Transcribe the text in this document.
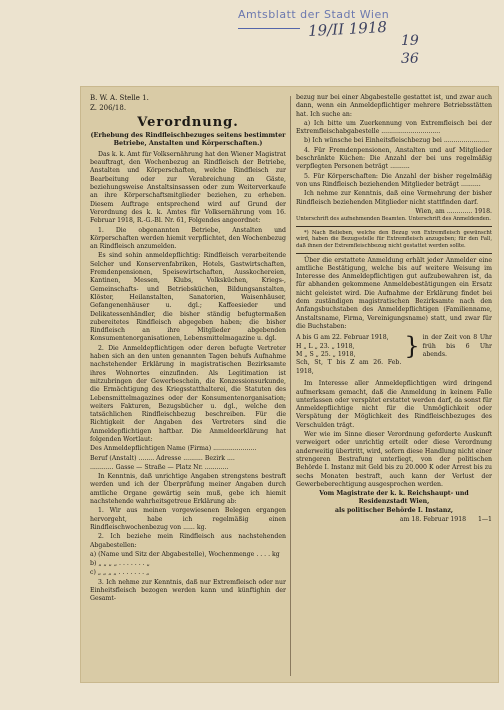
Amtsblatt der Stadt Wien
19/II 1918
19
36
B. W. A. Stelle 1.
Z. 206/18.
Verordnung.
(Erhebung des Rindfleischbezuges seitens bestimmter Betriebe, Anstalten und Körperschaften.)

Das k. k. Amt für Volksernährung hat den Wiener Magistrat beauftragt, den Wochenbezug an Rindfleisch der Betriebe, Anstalten und Körperschaften, welche Rindfleisch zur Bearbeitung oder zur Verabreichung an Gäste, beziehungsweise Anstaltsinsassen oder zum Weiterverkaufe an ihre Körperschaftsmitglieder beziehen, zu erheben. Diesem Auftrage entsprechend wird auf Grund der Verordnung des k. k. Amtes für Volksernährung vom 16. Februar 1918, R.-G.-Bl. Nr. 61, Folgendes angeordnet:

1. Die obgenannten Betriebe, Anstalten und Körperschaften werden hiemit verpflichtet, den Wochenbezug an Rindfleisch anzumelden.

Es sind sohin anmeldepflichtig: Rindfleisch verarbeitende Selcher und Konservenfabriken, Hotels, Gastwirtschaften, Fremdenpensionen, Speisewirtschaften, Ausskochereien, Kantinen, Messen, Klubs, Volksküchen, Kriegs-, Gemeinschafts- und Betriebsküchen, Bildungsanstalten, Klöster, Heilanstalten, Sanatorien, Waisenhäuser, Gefangenenhäuser u. dgl.; Kaffeesieder und Delikatessenhändler, die bisher ständig befugtermaßen zubereitetes Rindfleisch abgegeben haben; die bisher Rindfleisch an ihre Mitglieder abgebenden Konsumentenorganisationen, Lebensmittelmagazine u. dgl.

2. Die Anmeldepflichtigen oder deren befugte Vertreter haben sich an den unten genannten Tagen behufs Aufnahme nachstehender Erklärung in magistratischen Bezirksamte ihres Wohnortes einzufinden. Als Legitimation ist mitzubringen der Gewerbeschein, die Konzessionsurkunde, die Ermächtigung des Kriegsstatthalterei, die Statuten des Lebensmittelmagazines oder der Konsumentenorganisation; weiters Fakturen, Bezugsbücher u. dgl., welche den tatsächlichen Rindfleischbezug beschreiben. Für die Richtigkeit der Angaben des Vertreters sind die Anmeldepflichtigen haftbar. Die Anmeldeerklärung hat folgenden Wortlaut:

Des Anmeldepflichtigen Name (Firma) ......................
Beruf (Anstalt) ........ Adresse .......... Bezirk ....
............ Gasse — Straße — Platz Nr. ............

In Kenntnis, daß unrichtige Angaben strengstens bestraft werden und ich der Überprüfung meiner Angaben durch amtliche Organe gewärtig sein muß, gebe ich hiemit nachstehende wahrheitsgetreue Erklärung ab:

1. Wir aus meinen vorgewiesenen Belegen ergangen hervorgeht, habe ich regelmäßig einen Rindfleischwochenbezug von ...... kg.

2. Ich beziehe mein Rindfleisch aus nachstehenden Abgabestellen:

a) (Name und Sitz der Abgabestelle), Wochenmenge . . . . kg
b) „ „ „ „ . . . . . . . „
c) „ „ „ „ . . . . . . . „

3. Ich nehme zur Kenntnis, daß nur Extremfleisch oder nur Einheitsfleisch bezogen werden kann und künftighin der Gesamt-

bezug nur bei einer Abgabestelle gestattet ist, und zwar auch dann, wenn ein Anmeldepflichtiger mehrere Betriebsstätten hat. Ich suche an:

a) Ich bitte um Zuerkennung von Extremfleisch bei der Extremfleischabgabestelle ..............................

b) Ich wünsche bei Einheitsfleischbezug bei .......................

4. Für Fremdenpensionen, Anstalten und auf Mitglieder beschränkte Küchen: Die Anzahl der bei uns regelmäßig verpflegten Personen beträgt ..........

5. Für Körperschaften: Die Anzahl der bisher regelmäßig von uns Rindfleisch beziehenden Mitglieder beträgt ..........

Ich nehme zur Kenntnis, daß eine Vermehrung der bisher Rindfleisch beziehenden Mitglieder nicht stattfinden darf.

Wien, am ............. 1918.
Unterschrift des aufnehmenden Beamten. Unterschrift des Anmeldenden.

*) Nach Belieben, welche den Bezug von Extremfleisch gewünscht wird, haben die Bezugsstelle für Extremfleisch anzugeben; für den Fall, daß ihnen der Extremfleischbezug nicht gestattet werden sollte.

Über die erstattete Anmeldung erhält jeder Anmelder eine amtliche Bestätigung, welche bis auf weitere Weisung im Interesse des Anmeldepflichtigen gut aufzubewahren ist, da für abhanden gekommene Anmeldebestätigungen ein Ersatz nicht geleistet wird. Die Aufnahme der Erklärung findet bei dem zuständigen magistratischen Bezirksamte nach den Anfangsbuchstaben des Anmeldepflichtigen (Familienname, Anstaltsname, Firma, Vereinigungsname) statt, und zwar für die Buchstaben:

A bis G am 22. Februar 1918,
H „ L „ 23. „ 1918,
M „ S „ 25. „ 1918,
Sch, St, T bis Z am 26. Feb. 1918,
} in der Zeit von 8 Uhr früh bis 6 Uhr abends.

Im Interesse aller Anmeldepflichtigen wird dringend aufmerksam gemacht, daß die Anmeldung in keinem Falle unterlassen oder verspätet erstattet werden darf, da sonst für Anmeldepflichtige nicht für die Unmöglichkeit oder Verspätung der Möglichkeit des Rindfleischbezuges des Verschulden trägt.

Wer wie im Sinne dieser Verordnung geforderte Auskunft verweigert oder unrichtig erteilt oder diese Verordnung anderweitig übertritt, wird, sofern diese Handlung nicht einer strengeren Bestrafung unterliegt, von der politischen Behörde I. Instanz mit Geld bis zu 20.000 K oder Arrest bis zu sechs Monaten bestraft, auch kann der Verlust der Gewerbeberechtigung ausgesprochen werden.

Vom Magistrate der k. k. Reichshaupt- und Residenzstadt Wien,
als politischer Behörde I. Instanz,
am 18. Februar 1918 1—1
